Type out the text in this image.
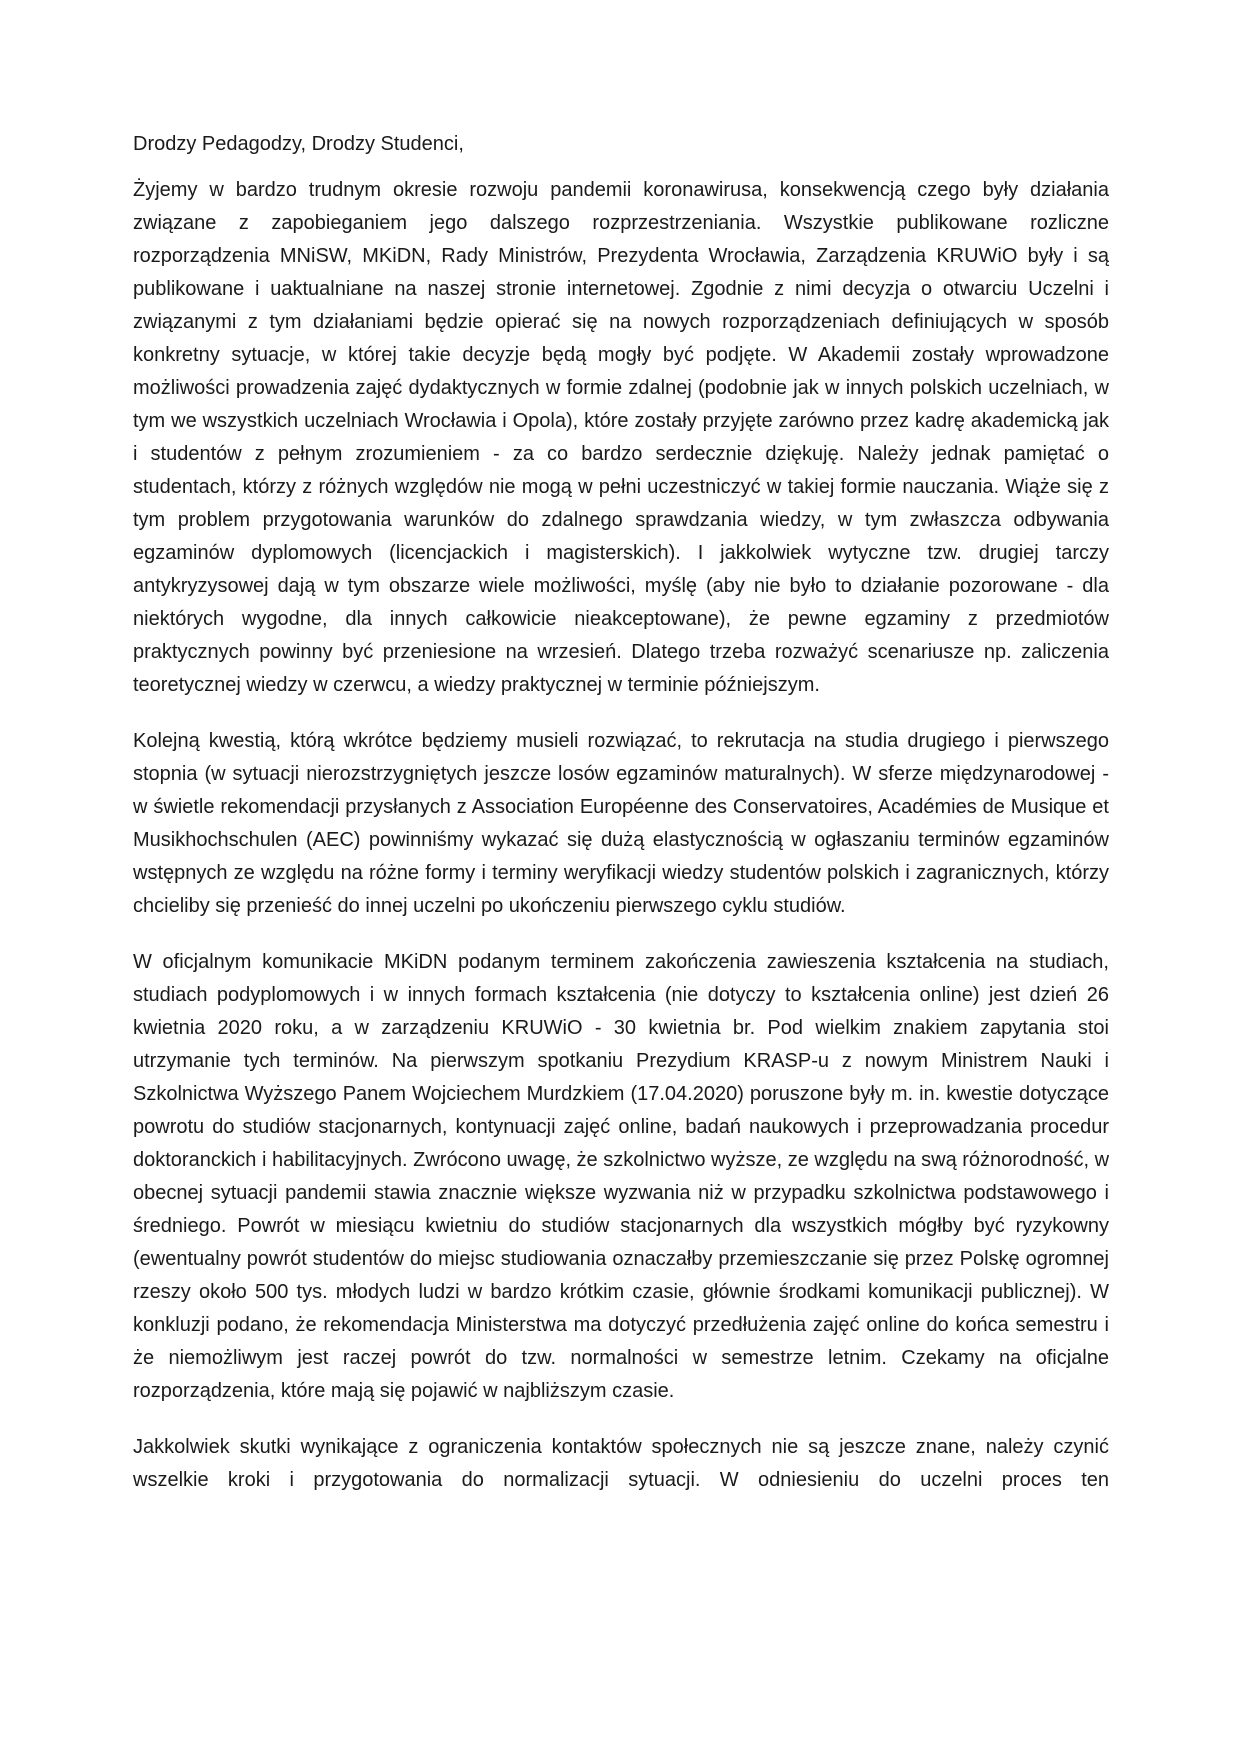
Drodzy Pedagodzy, Drodzy Studenci,

Żyjemy w bardzo trudnym okresie rozwoju pandemii koronawirusa, konsekwencją czego były działania związane z zapobieganiem jego dalszego rozprzestrzeniania. Wszystkie publikowane rozliczne rozporządzenia MNiSW, MKiDN, Rady Ministrów, Prezydenta Wrocławia, Zarządzenia KRUWiO były i są publikowane i uaktualniane na naszej stronie internetowej. Zgodnie z nimi decyzja o otwarciu Uczelni i związanymi z tym działaniami będzie opierać się na nowych rozporządzeniach definiujących w sposób konkretny sytuacje, w której takie decyzje będą mogły być podjęte. W Akademii zostały wprowadzone możliwości prowadzenia zajęć dydaktycznych w formie zdalnej (podobnie jak w innych polskich uczelniach, w tym we wszystkich uczelniach Wrocławia i Opola), które zostały przyjęte zarówno przez kadrę akademicką jak i studentów z pełnym zrozumieniem - za co bardzo serdecznie dziękuję. Należy jednak pamiętać o studentach, którzy z różnych względów nie mogą w pełni uczestniczyć w takiej formie nauczania. Wiąże się z tym problem przygotowania warunków do zdalnego sprawdzania wiedzy, w tym zwłaszcza odbywania egzaminów dyplomowych (licencjackich i magisterskich). I jakkolwiek wytyczne tzw. drugiej tarczy antykryzysowej dają w tym obszarze wiele możliwości, myślę (aby nie było to działanie pozorowane - dla niektórych wygodne, dla innych całkowicie nieakceptowane), że pewne egzaminy z przedmiotów praktycznych powinny być przeniesione na wrzesień. Dlatego trzeba rozważyć scenariusze np. zaliczenia teoretycznej wiedzy w czerwcu, a wiedzy praktycznej w terminie późniejszym.

Kolejną kwestią, którą wkrótce będziemy musieli rozwiązać, to rekrutacja na studia drugiego i pierwszego stopnia (w sytuacji nierozstrzygniętych jeszcze losów egzaminów maturalnych). W sferze międzynarodowej - w świetle rekomendacji przysłanych z Association Européenne des Conservatoires, Académies de Musique et Musikhochschulen (AEC) powinniśmy wykazać się dużą elastycznością w ogłaszaniu terminów egzaminów wstępnych ze względu na różne formy i terminy weryfikacji wiedzy studentów polskich i zagranicznych, którzy chcieliby się przenieść do innej uczelni po ukończeniu pierwszego cyklu studiów.

W oficjalnym komunikacie MKiDN podanym terminem zakończenia zawieszenia kształcenia na studiach, studiach podyplomowych i w innych formach kształcenia (nie dotyczy to kształcenia online) jest dzień 26 kwietnia 2020 roku, a w zarządzeniu KRUWiO - 30 kwietnia br. Pod wielkim znakiem zapytania stoi utrzymanie tych terminów. Na pierwszym spotkaniu Prezydium KRASP-u z nowym Ministrem Nauki i Szkolnictwa Wyższego Panem Wojciechem Murdzkiem (17.04.2020) poruszone były m. in. kwestie dotyczące powrotu do studiów stacjonarnych, kontynuacji zajęć online, badań naukowych i przeprowadzania procedur doktoranckich i habilitacyjnych. Zwrócono uwagę, że szkolnictwo wyższe, ze względu na swą różnorodność, w obecnej sytuacji pandemii stawia znacznie większe wyzwania niż w przypadku szkolnictwa podstawowego i średniego. Powrót w miesiącu kwietniu do studiów stacjonarnych dla wszystkich mógłby być ryzykowny (ewentualny powrót studentów do miejsc studiowania oznaczałby przemieszczanie się przez Polskę ogromnej rzeszy około 500 tys. młodych ludzi w bardzo krótkim czasie, głównie środkami komunikacji publicznej). W konkluzji podano, że rekomendacja Ministerstwa ma dotyczyć przedłużenia zajęć online do końca semestru i że niemożliwym jest raczej powrót do tzw. normalności w semestrze letnim. Czekamy na oficjalne rozporządzenia, które mają się pojawić w najbliższym czasie.

Jakkolwiek skutki wynikające z ograniczenia kontaktów społecznych nie są jeszcze znane, należy czynić wszelkie kroki i przygotowania do normalizacji sytuacji. W odniesieniu do uczelni proces ten
